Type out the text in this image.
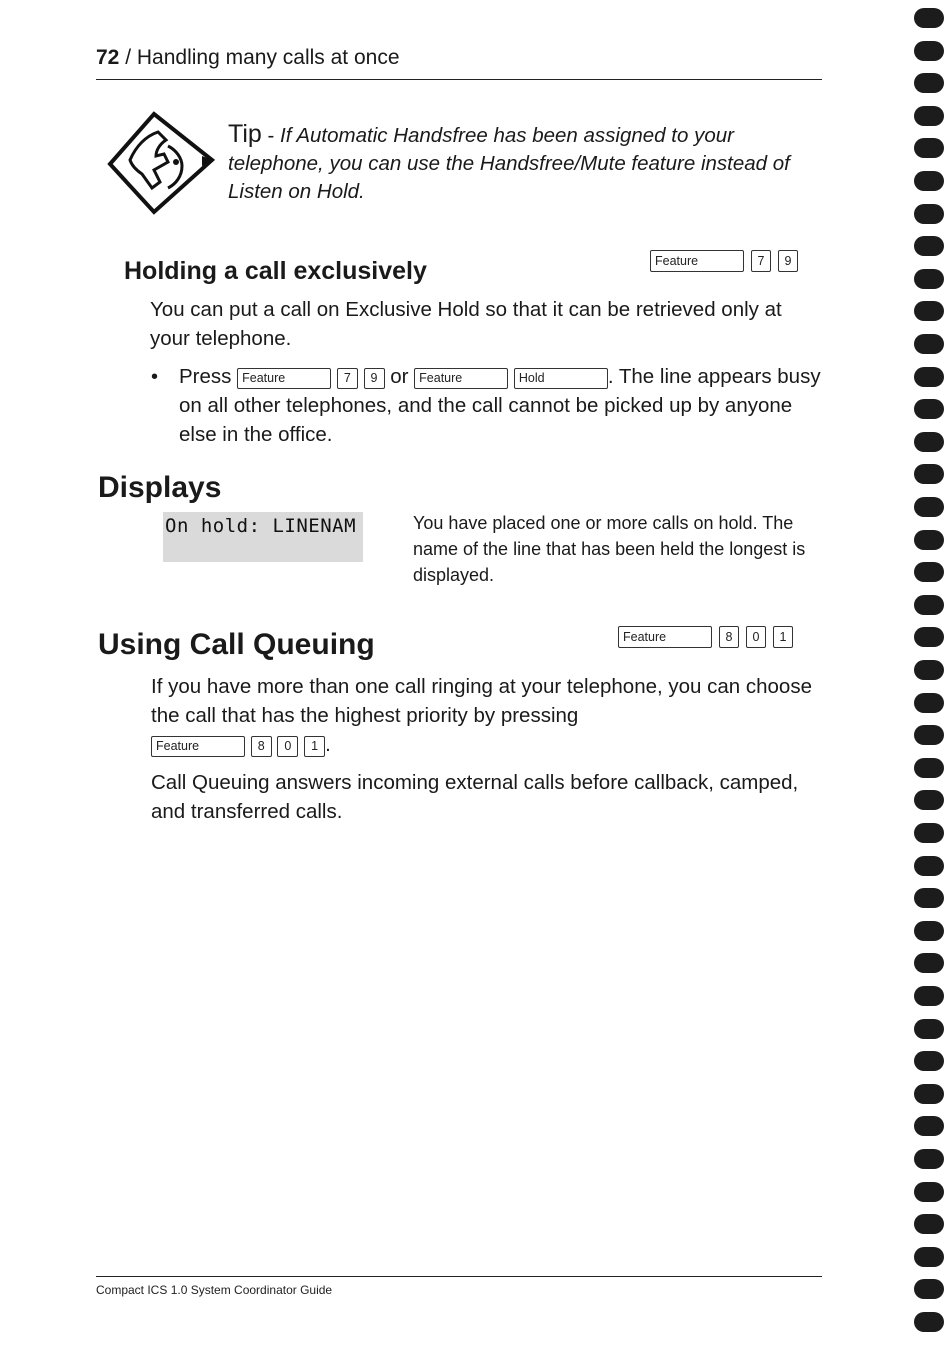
72 / Handling many calls at once
Tip - If Automatic Handsfree has been assigned to your telephone, you can use the Handsfree/Mute feature instead of Listen on Hold.
Holding a call exclusively	Feature	7	9
You can put a call on Exclusive Hold so that it can be retrieved only at your telephone.
• Press Feature	7 9 or Feature	Hold	. The line appears busy on all other telephones, and the call cannot be picked up by anyone else in the office.
Displays
On hold: LINENAM	You have placed one or more calls on hold. The name of the line that has been held the longest is displayed.
Using Call Queuing	Feature	8	0	1
If you have more than one call ringing at your telephone, you can choose the call that has the highest priority by pressing
Feature	8 0 1 .
Call Queuing answers incoming external calls before callback, camped, and transferred calls.
Compact ICS 1.0 System Coordinator Guide
